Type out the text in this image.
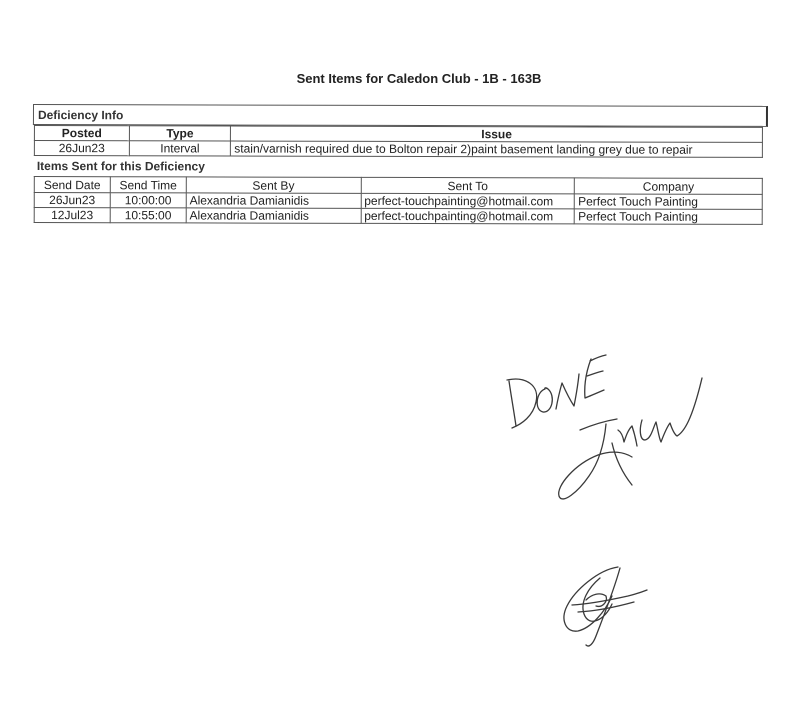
Sent Items for Caledon Club - 1B - 163B
Deficiency Info
Posted	Type	Issue
26Jun23	Interval	stain/varnish required due to Bolton repair 2)paint basement landing grey due to repair
Items Sent for this Deficiency
Send Date	Send Time	Sent By	Sent To	Company
26Jun23	10:00:00	Alexandria Damianidis	perfect-touchpainting@hotmail.com	Perfect Touch Painting
12Jul23	10:55:00	Alexandria Damianidis	perfect-touchpainting@hotmail.com	Perfect Touch Painting
